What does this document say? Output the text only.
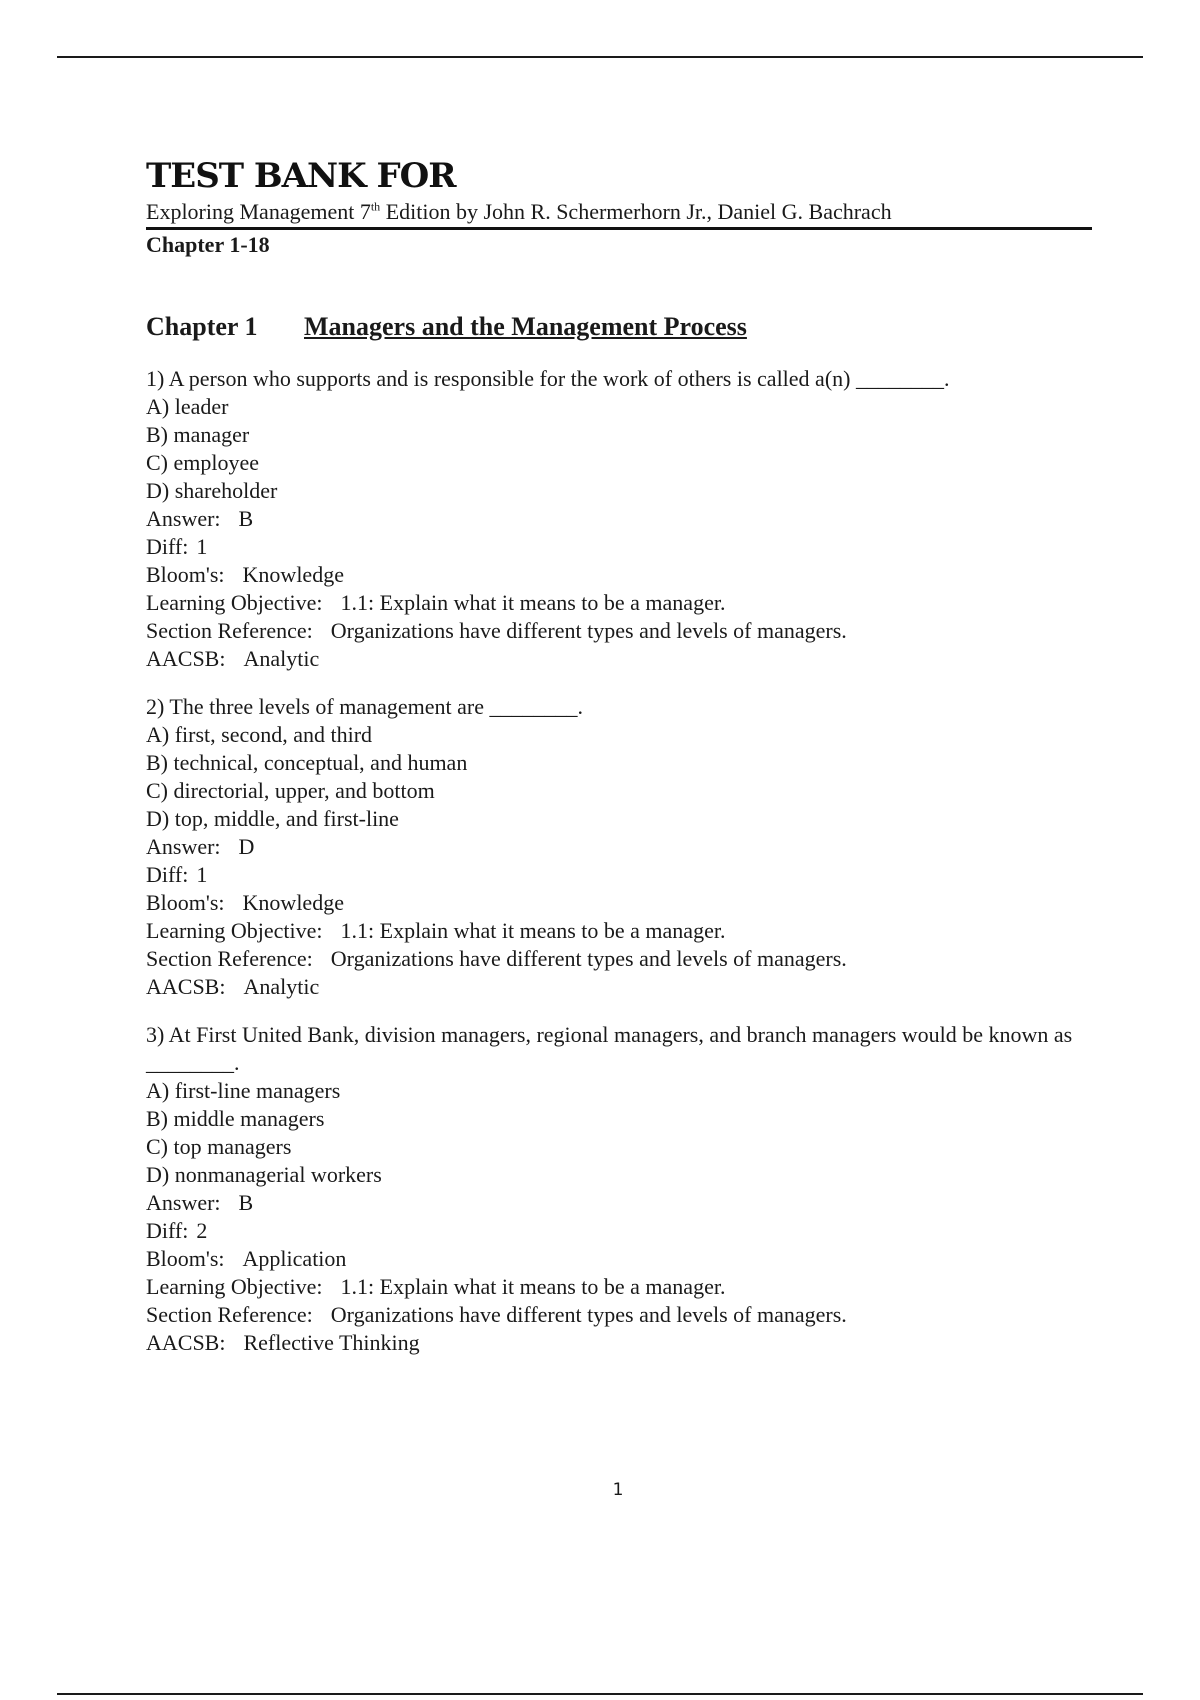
TEST BANK FOR
Exploring Management 7th Edition by John R. Schermerhorn Jr., Daniel G. Bachrach
Chapter 1-18
Chapter 1 Managers and the Management Process
1) A person who supports and is responsible for the work of others is called a(n) ________.
A) leader
B) manager
C) employee
D) shareholder
Answer: B
Diff: 1
Bloom's: Knowledge
Learning Objective: 1.1: Explain what it means to be a manager.
Section Reference: Organizations have different types and levels of managers.
AACSB: Analytic
2) The three levels of management are ________.
A) first, second, and third
B) technical, conceptual, and human
C) directorial, upper, and bottom
D) top, middle, and first-line
Answer: D
Diff: 1
Bloom's: Knowledge
Learning Objective: 1.1: Explain what it means to be a manager.
Section Reference: Organizations have different types and levels of managers.
AACSB: Analytic
3) At First United Bank, division managers, regional managers, and branch managers would be known as ________.
A) first-line managers
B) middle managers
C) top managers
D) nonmanagerial workers
Answer: B
Diff: 2
Bloom's: Application
Learning Objective: 1.1: Explain what it means to be a manager.
Section Reference: Organizations have different types and levels of managers.
AACSB: Reflective Thinking
1
